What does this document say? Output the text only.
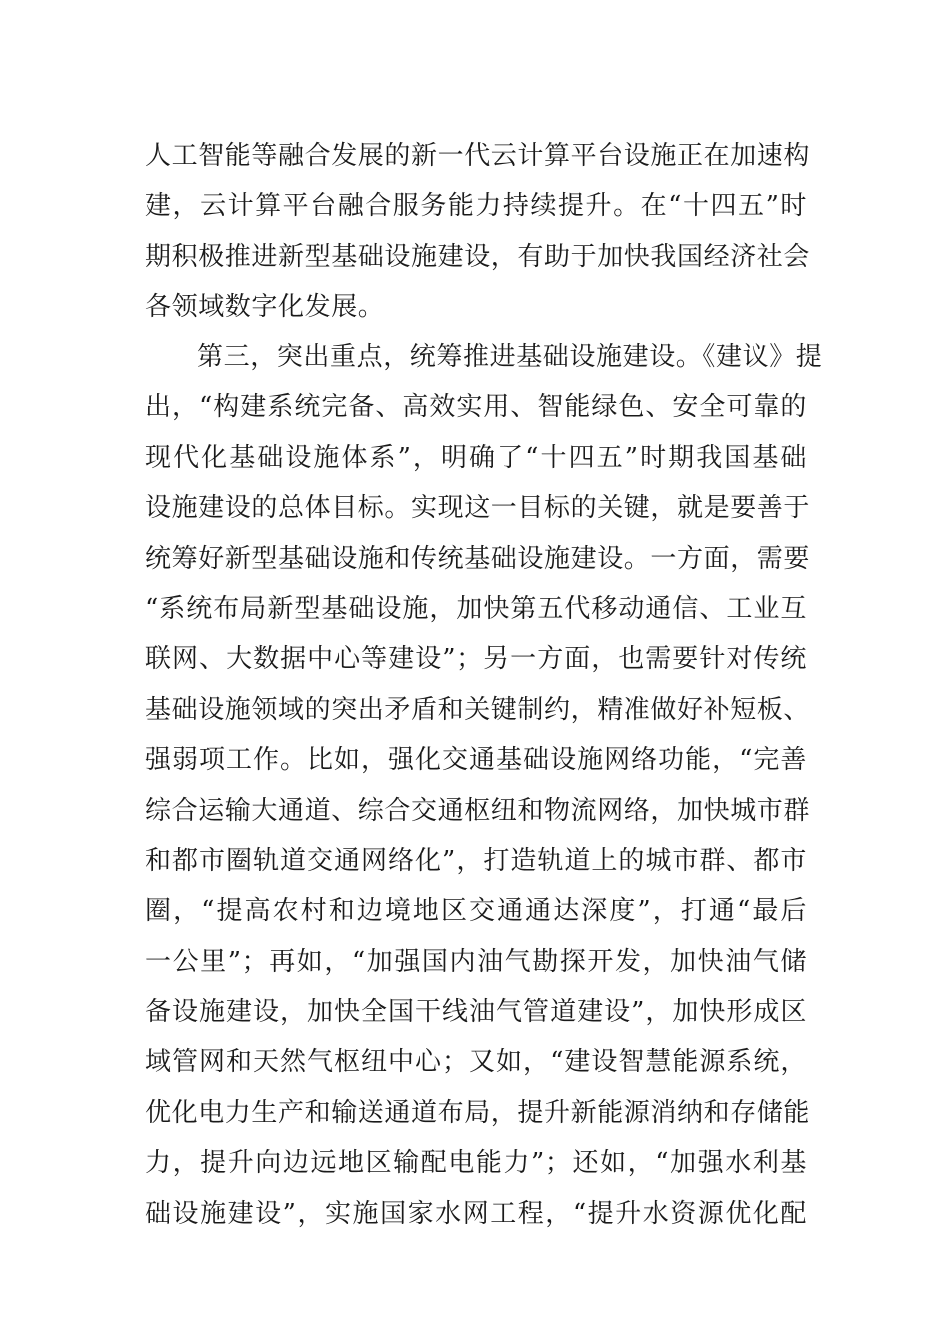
人工智能等融合发展的新一代云计算平台设施正在加速构
建，云计算平台融合服务能力持续提升。在“十四五”时
期积极推进新型基础设施建设，有助于加快我国经济社会
各领域数字化发展。
第三，突出重点，统筹推进基础设施建设。《建议》提
出，“构建系统完备、高效实用、智能绿色、安全可靠的
现代化基础设施体系”，明确了“十四五”时期我国基础
设施建设的总体目标。实现这一目标的关键，就是要善于
统筹好新型基础设施和传统基础设施建设。一方面，需要
“系统布局新型基础设施，加快第五代移动通信、工业互
联网、大数据中心等建设”；另一方面，也需要针对传统
基础设施领域的突出矛盾和关键制约，精准做好补短板、
强弱项工作。比如，强化交通基础设施网络功能，“完善
综合运输大通道、综合交通枢纽和物流网络，加快城市群
和都市圈轨道交通网络化”，打造轨道上的城市群、都市
圈，“提高农村和边境地区交通通达深度”，打通“最后
一公里”；再如，“加强国内油气勘探开发，加快油气储
备设施建设，加快全国干线油气管道建设”，加快形成区
域管网和天然气枢纽中心；又如，“建设智慧能源系统，
优化电力生产和输送通道布局，提升新能源消纳和存储能
力，提升向边远地区输配电能力”；还如，“加强水利基
础设施建设”，实施国家水网工程，“提升水资源优化配
